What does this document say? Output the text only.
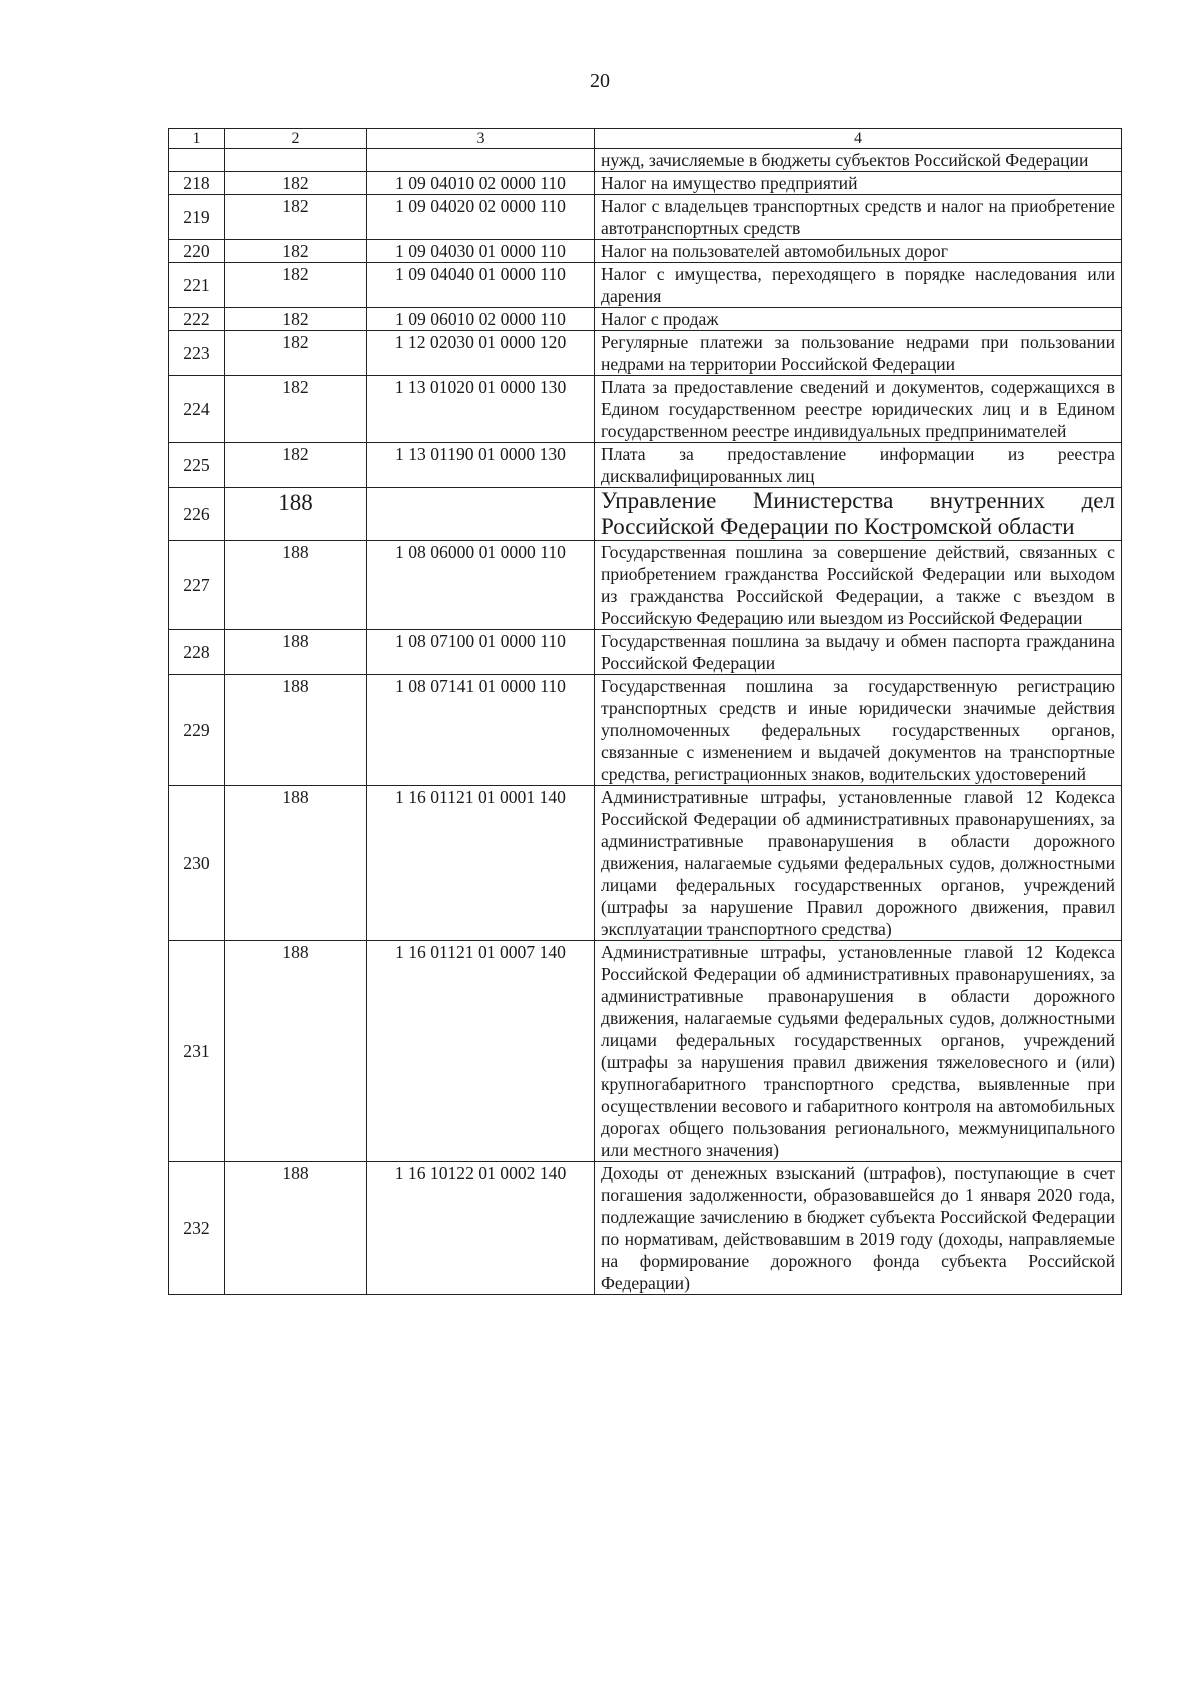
20
1	2	3	4
			нужд, зачисляемые в бюджеты субъектов Российской Федерации
218	182	1 09 04010 02 0000 110	Налог на имущество предприятий
219	182	1 09 04020 02 0000 110	Налог с владельцев транспортных средств и налог на приобретение автотранспортных средств
220	182	1 09 04030 01 0000 110	Налог на пользователей автомобильных дорог
221	182	1 09 04040 01 0000 110	Налог с имущества, переходящего в порядке наследования или дарения
222	182	1 09 06010 02 0000 110	Налог с продаж
223	182	1 12 02030 01 0000 120	Регулярные платежи за пользование недрами при пользовании недрами на территории Российской Федерации
224	182	1 13 01020 01 0000 130	Плата за предоставление сведений и документов, содержащихся в Едином государственном реестре юридических лиц и в Едином государственном реестре индивидуальных предпринимателей
225	182	1 13 01190 01 0000 130	Плата за предоставление информации из реестра дисквалифицированных лиц
226	188		Управление Министерства внутренних дел Российской Федерации по Костромской области
227	188	1 08 06000 01 0000 110	Государственная пошлина за совершение действий, связанных с приобретением гражданства Российской Федерации или выходом из гражданства Российской Федерации, а также с въездом в Российскую Федерацию или выездом из Российской Федерации
228	188	1 08 07100 01 0000 110	Государственная пошлина за выдачу и обмен паспорта гражданина Российской Федерации
229	188	1 08 07141 01 0000 110	Государственная пошлина за государственную регистрацию транспортных средств и иные юридически значимые действия уполномоченных федеральных государственных органов, связанные с изменением и выдачей документов на транспортные средства, регистрационных знаков, водительских удостоверений
230	188	1 16 01121 01 0001 140	Административные штрафы, установленные главой 12 Кодекса Российской Федерации об административных правонарушениях, за административные правонарушения в области дорожного движения, налагаемые судьями федеральных судов, должностными лицами федеральных государственных органов, учреждений (штрафы за нарушение Правил дорожного движения, правил эксплуатации транспортного средства)
231	188	1 16 01121 01 0007 140	Административные штрафы, установленные главой 12 Кодекса Российской Федерации об административных правонарушениях, за административные правонарушения в области дорожного движения, налагаемые судьями федеральных судов, должностными лицами федеральных государственных органов, учреждений (штрафы за нарушения правил движения тяжеловесного и (или) крупногабаритного транспортного средства, выявленные при осуществлении весового и габаритного контроля на автомобильных дорогах общего пользования регионального, межмуниципального или местного значения)
232	188	1 16 10122 01 0002 140	Доходы от денежных взысканий (штрафов), поступающие в счет погашения задолженности, образовавшейся до 1 января 2020 года, подлежащие зачислению в бюджет субъекта Российской Федерации по нормативам, действовавшим в 2019 году (доходы, направляемые на формирование дорожного фонда субъекта Российской Федерации)
